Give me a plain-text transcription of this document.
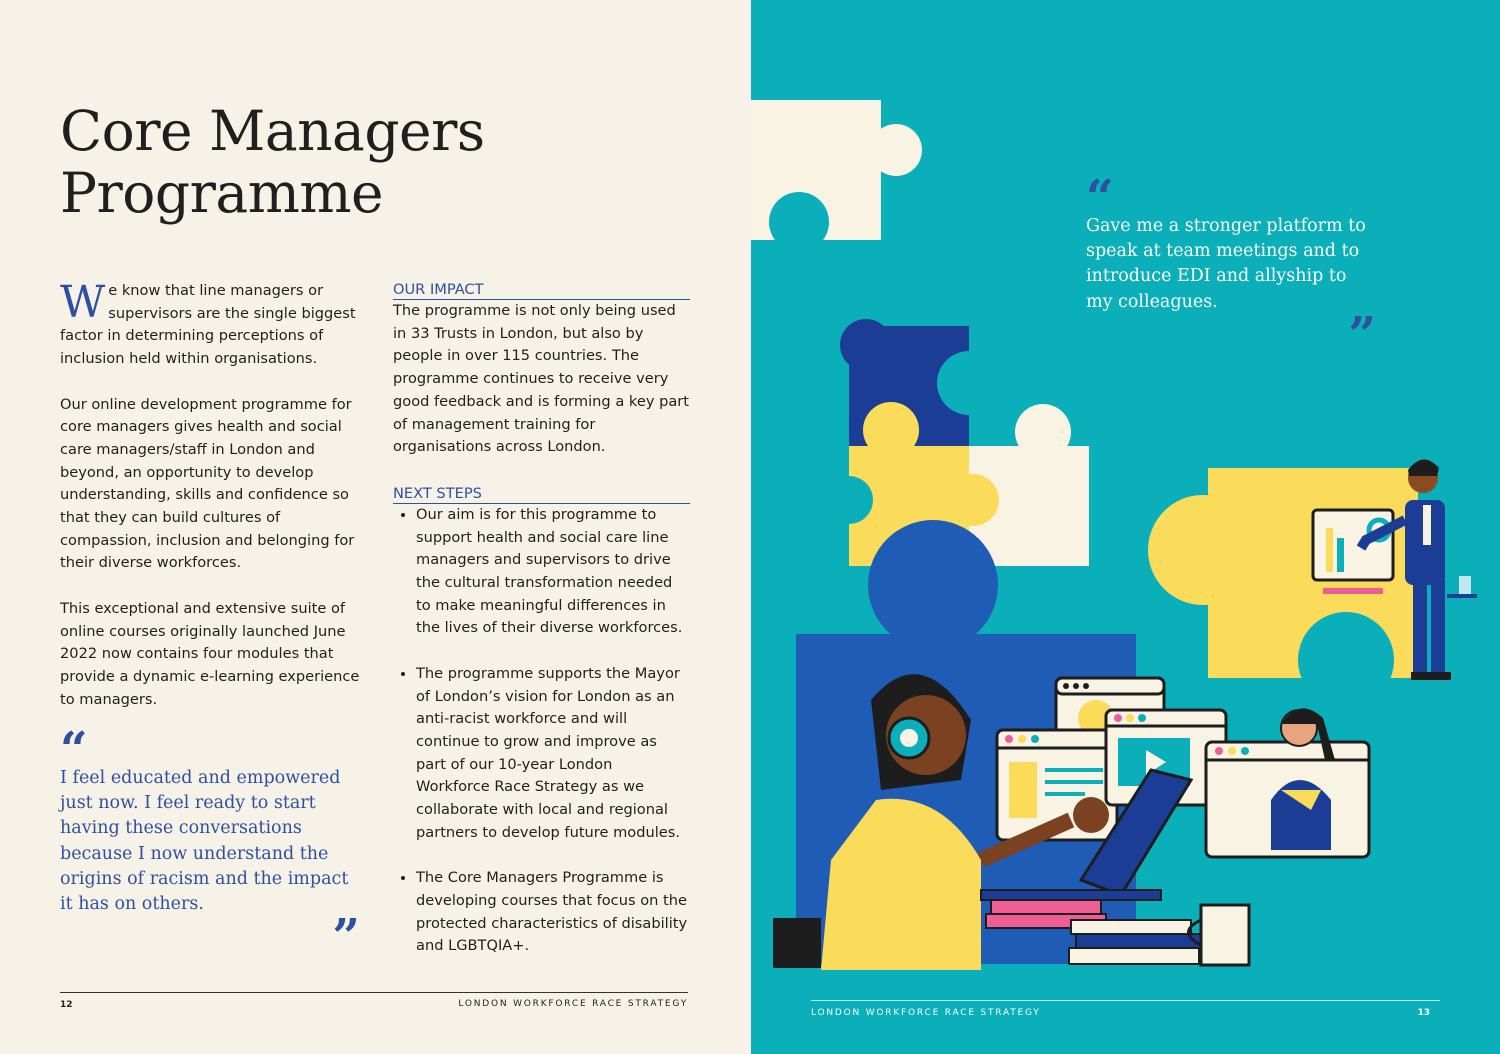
Core Managers
Programme

We know that line managers or supervisors are the single biggest factor in determining perceptions of inclusion held within organisations.

Our online development programme for core managers gives health and social care managers/staff in London and beyond, an opportunity to develop understanding, skills and confidence so that they can build cultures of compassion, inclusion and belonging for their diverse workforces.

This exceptional and extensive suite of online courses originally launched June 2022 now contains four modules that provide a dynamic e-learning experience to managers.

“
I feel educated and empowered just now. I feel ready to start having these conversations because I now understand the origins of racism and the impact it has on others.
”
OUR IMPACT

The programme is not only being used in 33 Trusts in London, but also by people in over 115 countries. The programme continues to receive very good feedback and is forming a key part of management training for organisations across London.

NEXT STEPS
• Our aim is for this programme to support health and social care line managers and supervisors to drive the cultural transformation needed to make meaningful differences in the lives of their diverse workforces.
• The programme supports the Mayor of London’s vision for London as an anti-racist workforce and will continue to grow and improve as part of our 10-year London Workforce Race Strategy as we collaborate with local and regional partners to develop future modules.
• The Core Managers Programme is developing courses that focus on the protected characteristics of disability and LGBTQIA+.
12	LONDON WORKFORCE RACE STRATEGY
“
Gave me a stronger platform to speak at team meetings and to introduce EDI and allyship to my colleagues.
”
LONDON WORKFORCE RACE STRATEGY	13
